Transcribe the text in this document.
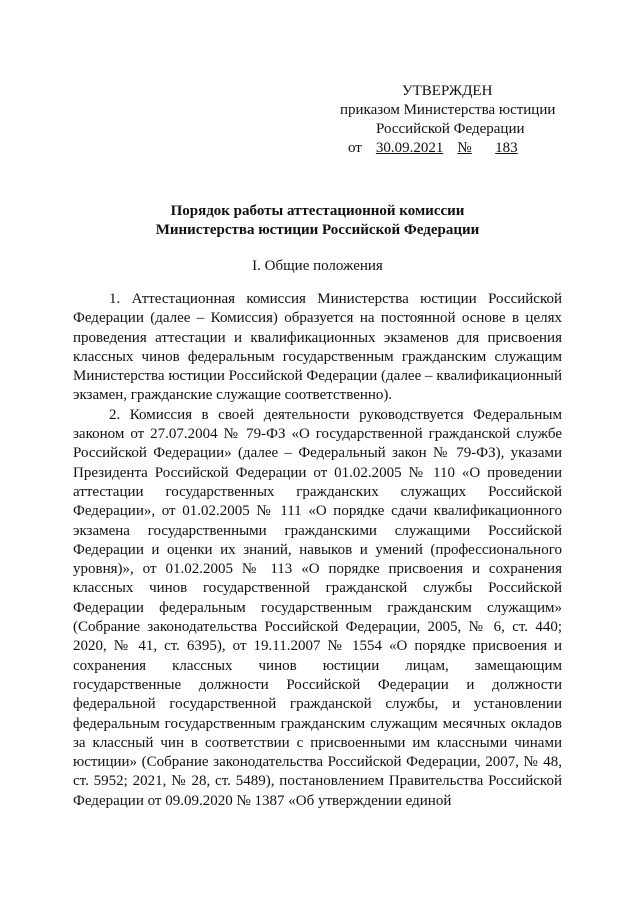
УТВЕРЖДЕН
приказом Министерства юстиции
Российской Федерации
от 30.09.2021 № 183
Порядок работы аттестационной комиссии
Министерства юстиции Российской Федерации
I. Общие положения

1. Аттестационная комиссия Министерства юстиции Российской Федерации (далее – Комиссия) образуется на постоянной основе в целях проведения аттестации и квалификационных экзаменов для присвоения классных чинов федеральным государственным гражданским служащим Министерства юстиции Российской Федерации (далее – квалификационный экзамен, гражданские служащие соответственно).

2. Комиссия в своей деятельности руководствуется Федеральным законом от 27.07.2004 № 79-ФЗ «О государственной гражданской службе Российской Федерации» (далее – Федеральный закон № 79-ФЗ), указами Президента Российской Федерации от 01.02.2005 № 110 «О проведении аттестации государственных гражданских служащих Российской Федерации», от 01.02.2005 № 111 «О порядке сдачи квалификационного экзамена государственными гражданскими служащими Российской Федерации и оценки их знаний, навыков и умений (профессионального уровня)», от 01.02.2005 № 113 «О порядке присвоения и сохранения классных чинов государственной гражданской службы Российской Федерации федеральным государственным гражданским служащим» (Собрание законодательства Российской Федерации, 2005, № 6, ст. 440; 2020, № 41, ст. 6395), от 19.11.2007 № 1554 «О порядке присвоения и сохранения классных чинов юстиции лицам, замещающим государственные должности Российской Федерации и должности федеральной государственной гражданской службы, и установлении федеральным государственным гражданским служащим месячных окладов за классный чин в соответствии с присвоенными им классными чинами юстиции» (Собрание законодательства Российской Федерации, 2007, № 48, ст. 5952; 2021, № 28, ст. 5489), постановлением Правительства Российской Федерации от 09.09.2020 № 1387 «Об утверждении единой
